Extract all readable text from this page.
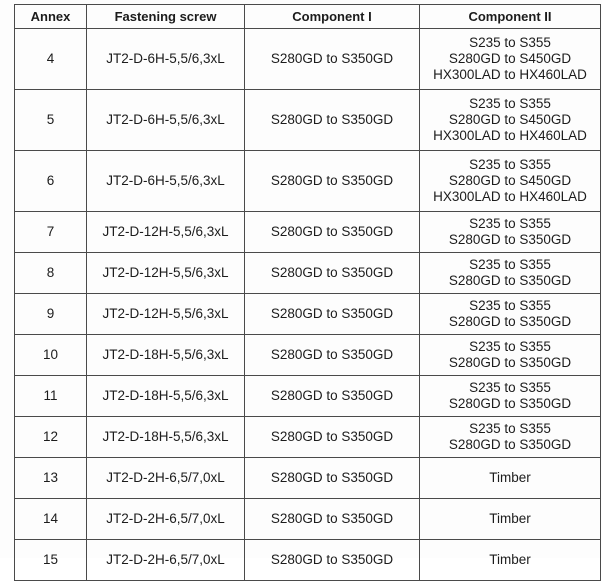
Annex	Fastening screw	Component I	Component II
4	JT2-D-6H-5,5/6,3xL	S280GD to S350GD	S235 to S355
S280GD to S450GD
HX300LAD to HX460LAD

5	JT2-D-6H-5,5/6,3xL	S280GD to S350GD	S235 to S355
S280GD to S450GD
HX300LAD to HX460LAD

6	JT2-D-6H-5,5/6,3xL	S280GD to S350GD	S235 to S355
S280GD to S450GD
HX300LAD to HX460LAD

7	JT2-D-12H-5,5/6,3xL	S280GD to S350GD	S235 to S355
S280GD to S350GD

8	JT2-D-12H-5,5/6,3xL	S280GD to S350GD	S235 to S355
S280GD to S350GD

9	JT2-D-12H-5,5/6,3xL	S280GD to S350GD	S235 to S355
S280GD to S350GD

10	JT2-D-18H-5,5/6,3xL	S280GD to S350GD	S235 to S355
S280GD to S350GD

11	JT2-D-18H-5,5/6,3xL	S280GD to S350GD	S235 to S355
S280GD to S350GD

12	JT2-D-18H-5,5/6,3xL	S280GD to S350GD	S235 to S355
S280GD to S350GD

13	JT2-D-2H-6,5/7,0xL	S280GD to S350GD	Timber

14	JT2-D-2H-6,5/7,0xL	S280GD to S350GD	Timber

15	JT2-D-2H-6,5/7,0xL	S280GD to S350GD	Timber
